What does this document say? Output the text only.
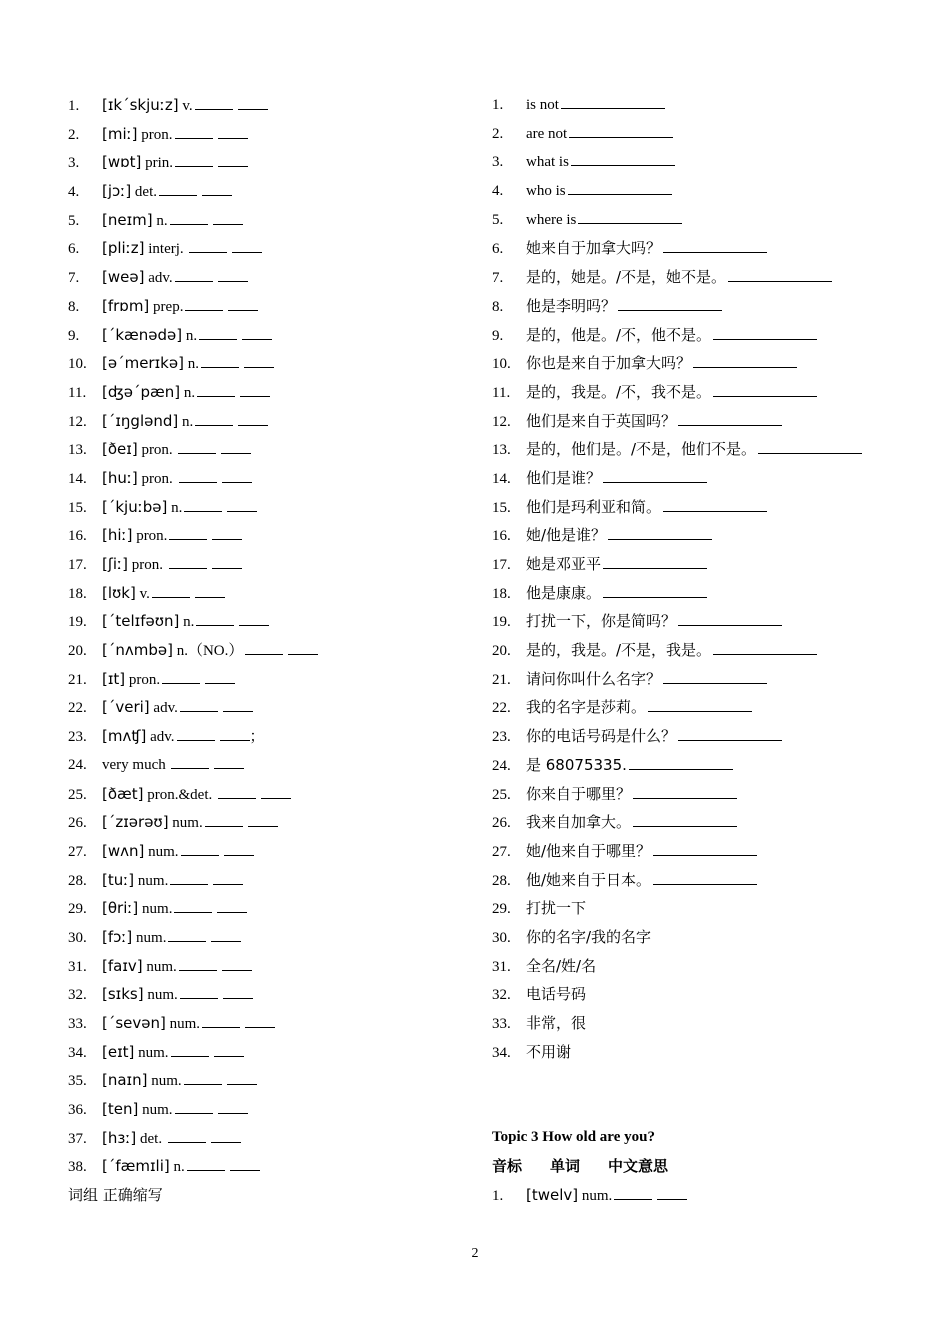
1. [ɪkˊskjuːz] v.
2. [miː] pron.
3. [wɒt] prin.
4. [jɔː] det.
5. [neɪm] n.
6. [pliːz] interj.
7. [weə] adv.
8. [frɒm] prep.
9. [ˊkænədə] n.
10. [əˊmerɪkə] n.
11. [ʤəˊpæn] n.
12. [ˊɪŋglənd] n.
13. [ðeɪ] pron.
14. [huː] pron.
15. [ˊkjuːbə] n.
16. [hiː] pron.
17. [ʃiː] pron.
18. [lʊk] v.
19. [ˊtelɪfəʊn] n.
20. [ˊnʌmbə] n.（NO.）
21. [ɪt] pron.
22. [ˊveri] adv.
23. [mʌʧ] adv.	；
24. very much
25. [ðæt] pron.&det.
26. [ˊzɪərəʊ] num.
27. [wʌn] num.
28. [tuː] num.
29. [θriː] num.
30. [fɔː] num.
31. [faɪv] num.
32. [sɪks] num.
33. [ˊsevən] num.
34. [eɪt] num.
35. [naɪn] num.
36. [ten] num.
37. [hɜː] det.
38. [ˊfæmɪli] n.
词组 正确缩写
1. is not
2. are not
3. what is
4. who is
5. where is
6. 她来自于加拿大吗？
7. 是的，她是。/不是，她不是。
8. 他是李明吗？
9. 是的，他是。/不，他不是。
10. 你也是来自于加拿大吗？
11. 是的，我是。/不，我不是。
12. 他们是来自于英国吗？
13. 是的，他们是。/不是，他们不是。
14. 他们是谁？
15. 他们是玛利亚和简。
16. 她/他是谁？
17. 她是邓亚平
18. 他是康康。
19. 打扰一下，你是简吗？
20. 是的，我是。/不是，我是。
21. 请问你叫什么名字？
22. 我的名字是莎莉。
23. 你的电话号码是什么？
24. 是 68075335.
25. 你来自于哪里？
26. 我来自加拿大。
27. 她/他来自于哪里？
28. 他/她来自于日本。
29. 打扰一下
30. 你的名字/我的名字
31. 全名/姓/名
32. 电话号码
33. 非常，很
34. 不用谢
Topic 3 How old are you?
音标 单词 中文意思
1. [twelv] num.
2
